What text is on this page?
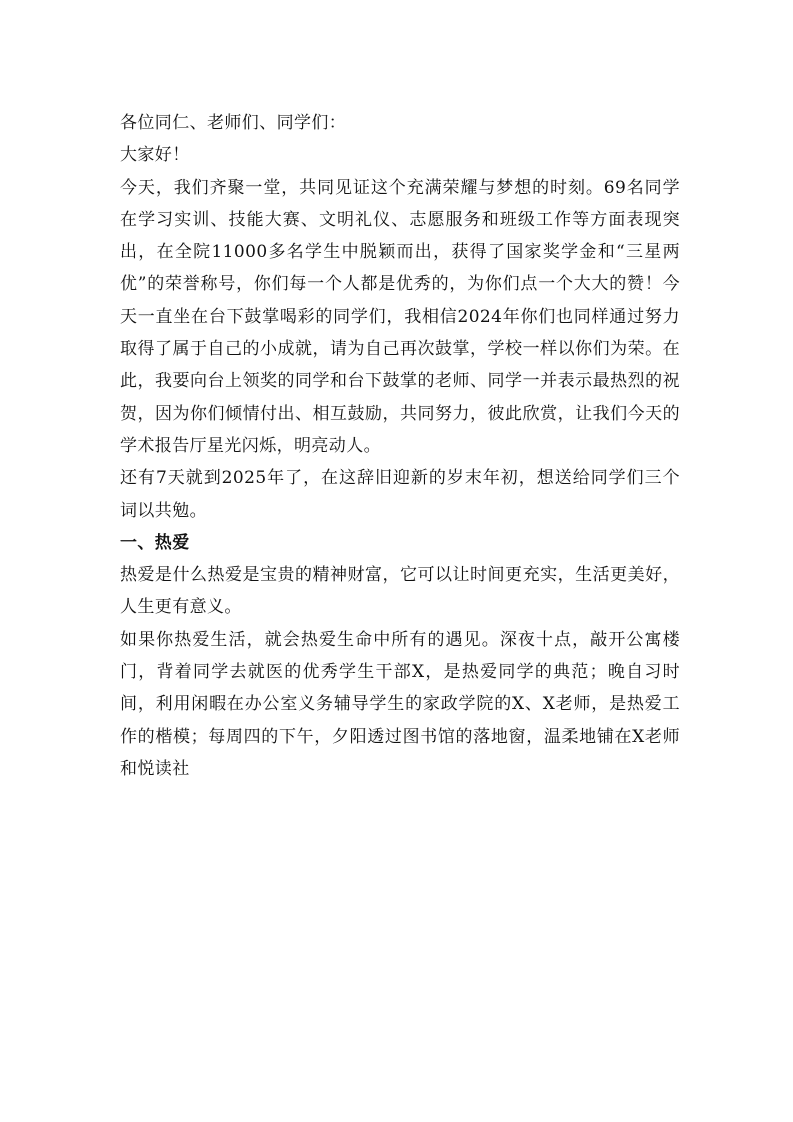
各位同仁、老师们、同学们：

大家好！

今天，我们齐聚一堂，共同见证这个充满荣耀与梦想的时刻。69名同学在学习实训、技能大赛、文明礼仪、志愿服务和班级工作等方面表现突出，在全院11000多名学生中脱颖而出，获得了国家奖学金和“三星两优”的荣誉称号，你们每一个人都是优秀的，为你们点一个大大的赞！今天一直坐在台下鼓掌喝彩的同学们，我相信2024年你们也同样通过努力取得了属于自己的小成就，请为自己再次鼓掌，学校一样以你们为荣。在此，我要向台上领奖的同学和台下鼓掌的老师、同学一并表示最热烈的祝贺，因为你们倾情付出、相互鼓励，共同努力，彼此欣赏，让我们今天的学术报告厅星光闪烁，明亮动人。

还有7天就到2025年了，在这辞旧迎新的岁末年初，想送给同学们三个词以共勉。

一、热爱

热爱是什么热爱是宝贵的精神财富，它可以让时间更充实，生活更美好，人生更有意义。

如果你热爱生活，就会热爱生命中所有的遇见。深夜十点，敲开公寓楼门，背着同学去就医的优秀学生干部X，是热爱同学的典范；晚自习时间，利用闲暇在办公室义务辅导学生的家政学院的X、X老师，是热爱工作的楷模；每周四的下午，夕阳透过图书馆的落地窗，温柔地铺在X老师和悦读社
